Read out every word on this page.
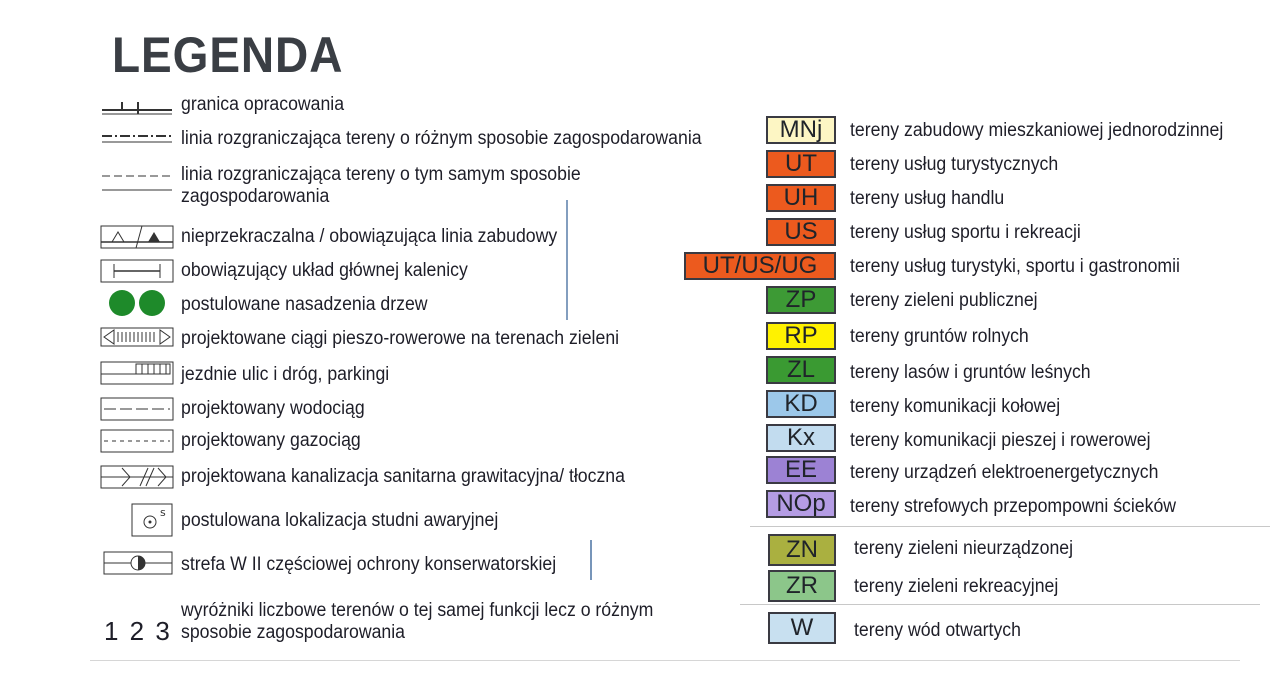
LEGENDA
granica opracowania
linia rozgraniczająca tereny o różnym sposobie zagospodarowania
linia rozgraniczająca tereny o tym samym sposobie zagospodarowania
nieprzekraczalna / obowiązująca linia zabudowy
obowiązujący układ głównej kalenicy
postulowane nasadzenia drzew
projektowane ciągi pieszo-rowerowe na terenach zieleni
jezdnie ulic i dróg, parkingi
projektowany wodociąg
projektowany gazociąg
projektowana kanalizacja sanitarna grawitacyjna/ tłoczna
s postulowana lokalizacja studni awaryjnej
strefa W II częściowej ochrony konserwatorskiej
1 2 3
wyróżniki liczbowe terenów o tej samej funkcji lecz o różnym sposobie zagospodarowania
MNj	tereny zabudowy mieszkaniowej jednorodzinnej
UT	tereny usług turystycznych
UH	tereny usług handlu
US	tereny usług sportu i rekreacji
UT/US/UG	tereny usług turystyki, sportu i gastronomii
ZP	tereny zieleni publicznej
RP	tereny gruntów rolnych
ZL	tereny lasów i gruntów leśnych
KD	tereny komunikacji kołowej
Kx	tereny komunikacji pieszej i rowerowej
EE	tereny urządzeń elektroenergetycznych
NOp	tereny strefowych przepompowni ścieków
ZN	tereny zieleni nieurządzonej
ZR	tereny zieleni rekreacyjnej
W	tereny wód otwartych
